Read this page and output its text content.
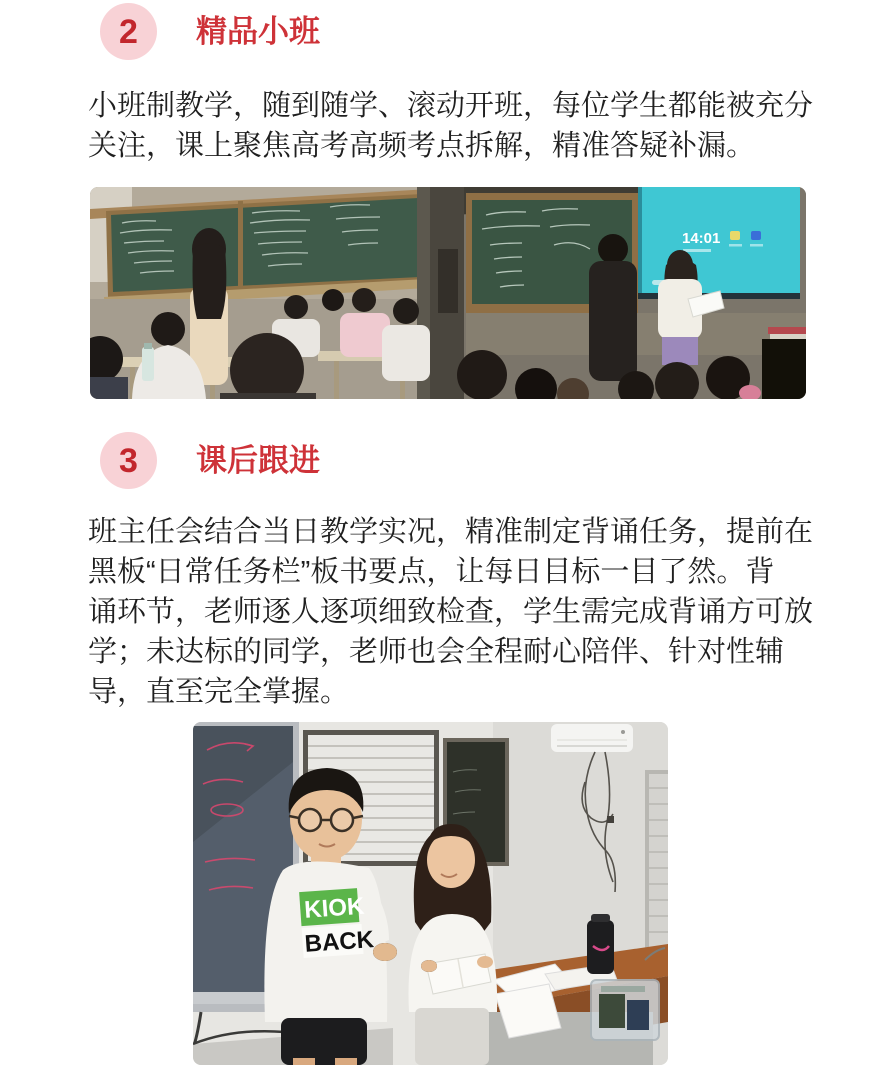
2 精品小班
小班制教学，随到随学、滚动开班，每位学生都能被充分
关注，课上聚焦高考高频考点拆解，精准答疑补漏。
14:01
3 课后跟进
班主任会结合当日教学实况，精准制定背诵任务，提前在
黑板“日常任务栏”板书要点，让每日目标一目了然。背
诵环节，老师逐人逐项细致检查，学生需完成背诵方可放
学；未达标的同学，老师也会全程耐心陪伴、针对性辅
导，直至完全掌握。
KIOK
BACK
